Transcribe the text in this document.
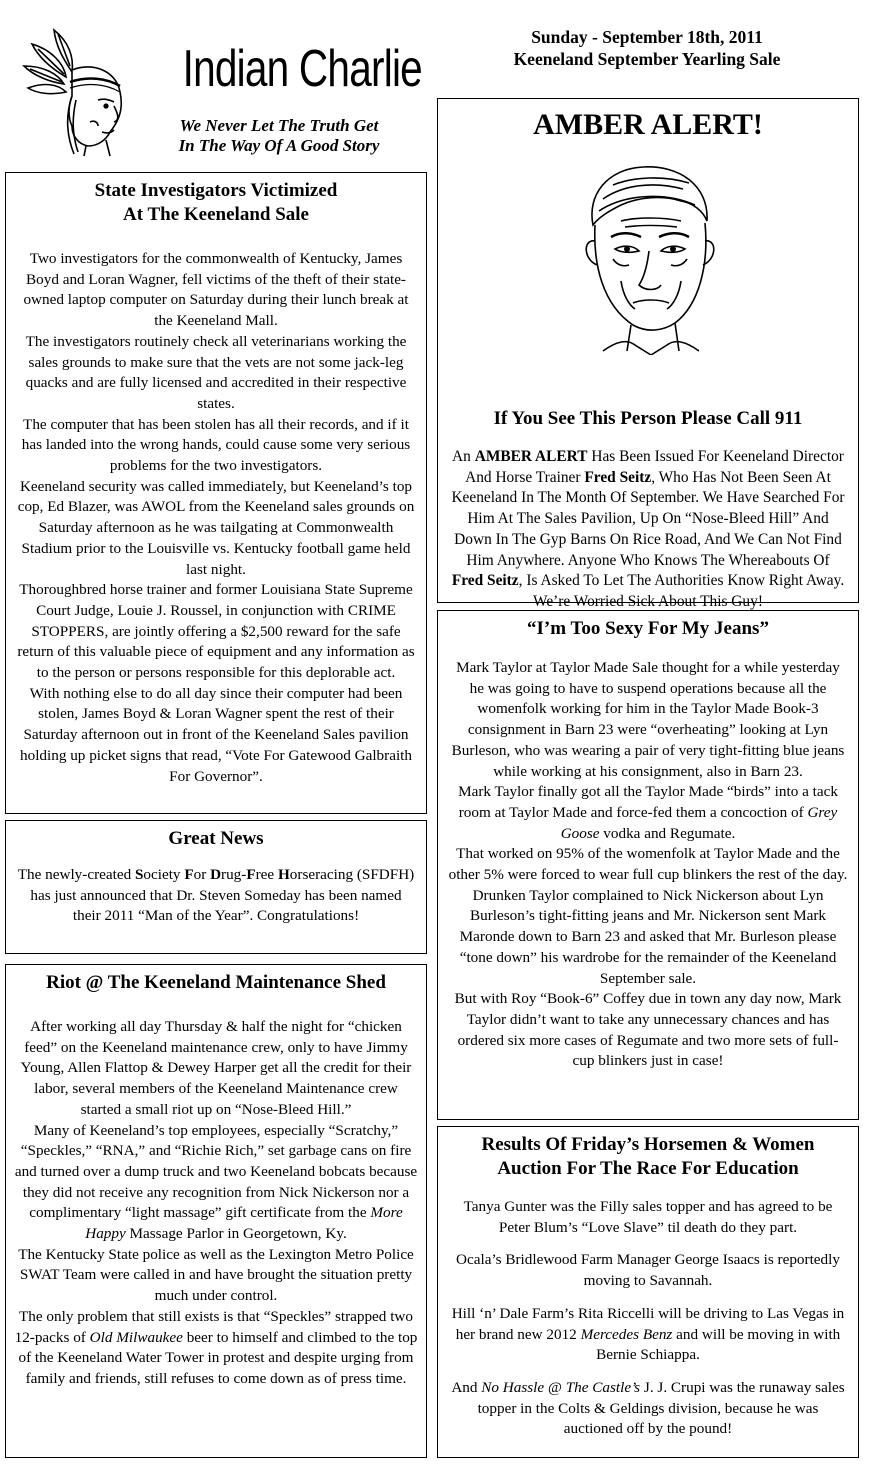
Indian Charlie
We Never Let The Truth Get
In The Way Of A Good Story
Sunday - September 18th, 2011
Keeneland September Yearling Sale
State Investigators Victimized
At The Keeneland Sale

Two investigators for the commonwealth of Kentucky, James Boyd and Loran Wagner, fell victims of the theft of their state-owned laptop computer on Saturday during their lunch break at the Keeneland Mall.

The investigators routinely check all veterinarians working the sales grounds to make sure that the vets are not some jack-leg quacks and are fully licensed and accredited in their respective states.

The computer that has been stolen has all their records, and if it has landed into the wrong hands, could cause some very serious problems for the two investigators.

Keeneland security was called immediately, but Keeneland’s top cop, Ed Blazer, was AWOL from the Keeneland sales grounds on Saturday afternoon as he was tailgating at Commonwealth Stadium prior to the Louisville vs. Kentucky football game held last night.

Thoroughbred horse trainer and former Louisiana State Supreme Court Judge, Louie J. Roussel, in conjunction with CRIME STOPPERS, are jointly offering a $2,500 reward for the safe return of this valuable piece of equipment and any information as to the person or persons responsible for this deplorable act.

With nothing else to do all day since their computer had been stolen, James Boyd & Loran Wagner spent the rest of their Saturday afternoon out in front of the Keeneland Sales pavilion holding up picket signs that read, “Vote For Gatewood Galbraith For Governor”.

Great News

The newly-created Society For Drug-Free Horseracing (SFDFH) has just announced that Dr. Steven Someday has been named their 2011 “Man of the Year”. Congratulations!

Riot @ The Keeneland Maintenance Shed

After working all day Thursday & half the night for “chicken feed” on the Keeneland maintenance crew, only to have Jimmy Young, Allen Flattop & Dewey Harper get all the credit for their labor, several members of the Keeneland Maintenance crew started a small riot up on “Nose-Bleed Hill.”

Many of Keeneland’s top employees, especially “Scratchy,” “Speckles,” “RNA,” and “Richie Rich,” set garbage cans on fire and turned over a dump truck and two Keeneland bobcats because they did not receive any recognition from Nick Nickerson nor a complimentary “light massage” gift certificate from the More Happy Massage Parlor in Georgetown, Ky.

The Kentucky State police as well as the Lexington Metro Police SWAT Team were called in and have brought the situation pretty much under control.

The only problem that still exists is that “Speckles” strapped two 12-packs of Old Milwaukee beer to himself and climbed to the top of the Keeneland Water Tower in protest and despite urging from family and friends, still refuses to come down as of press time.

AMBER ALERT!
If You See This Person Please Call 911

An AMBER ALERT Has Been Issued For Keeneland Director And Horse Trainer Fred Seitz, Who Has Not Been Seen At Keeneland In The Month Of September. We Have Searched For Him At The Sales Pavilion, Up On “Nose-Bleed Hill” And Down In The Gyp Barns On Rice Road, And We Can Not Find Him Anywhere. Anyone Who Knows The Whereabouts Of Fred Seitz, Is Asked To Let The Authorities Know Right Away. We’re Worried Sick About This Guy!

“I’m Too Sexy For My Jeans”

Mark Taylor at Taylor Made Sale thought for a while yesterday he was going to have to suspend operations because all the womenfolk working for him in the Taylor Made Book-3 consignment in Barn 23 were “overheating” looking at Lyn Burleson, who was wearing a pair of very tight-fitting blue jeans while working at his consignment, also in Barn 23.

Mark Taylor finally got all the Taylor Made “birds” into a tack room at Taylor Made and force-fed them a concoction of Grey Goose vodka and Regumate.

That worked on 95% of the womenfolk at Taylor Made and the other 5% were forced to wear full cup blinkers the rest of the day.

Drunken Taylor complained to Nick Nickerson about Lyn Burleson’s tight-fitting jeans and Mr. Nickerson sent Mark Maronde down to Barn 23 and asked that Mr. Burleson please “tone down” his wardrobe for the remainder of the Keeneland September sale.

But with Roy “Book-6” Coffey due in town any day now, Mark Taylor didn’t want to take any unnecessary chances and has ordered six more cases of Regumate and two more sets of full-cup blinkers just in case!

Results Of Friday’s Horsemen & Women
Auction For The Race For Education

Tanya Gunter was the Filly sales topper and has agreed to be Peter Blum’s “Love Slave” til death do they part.

Ocala’s Bridlewood Farm Manager George Isaacs is reportedly moving to Savannah.

Hill ‘n’ Dale Farm’s Rita Riccelli will be driving to Las Vegas in her brand new 2012 Mercedes Benz and will be moving in with Bernie Schiappa.

And No Hassle @ The Castle’s J. J. Crupi was the runaway sales topper in the Colts & Geldings division, because he was auctioned off by the pound!
